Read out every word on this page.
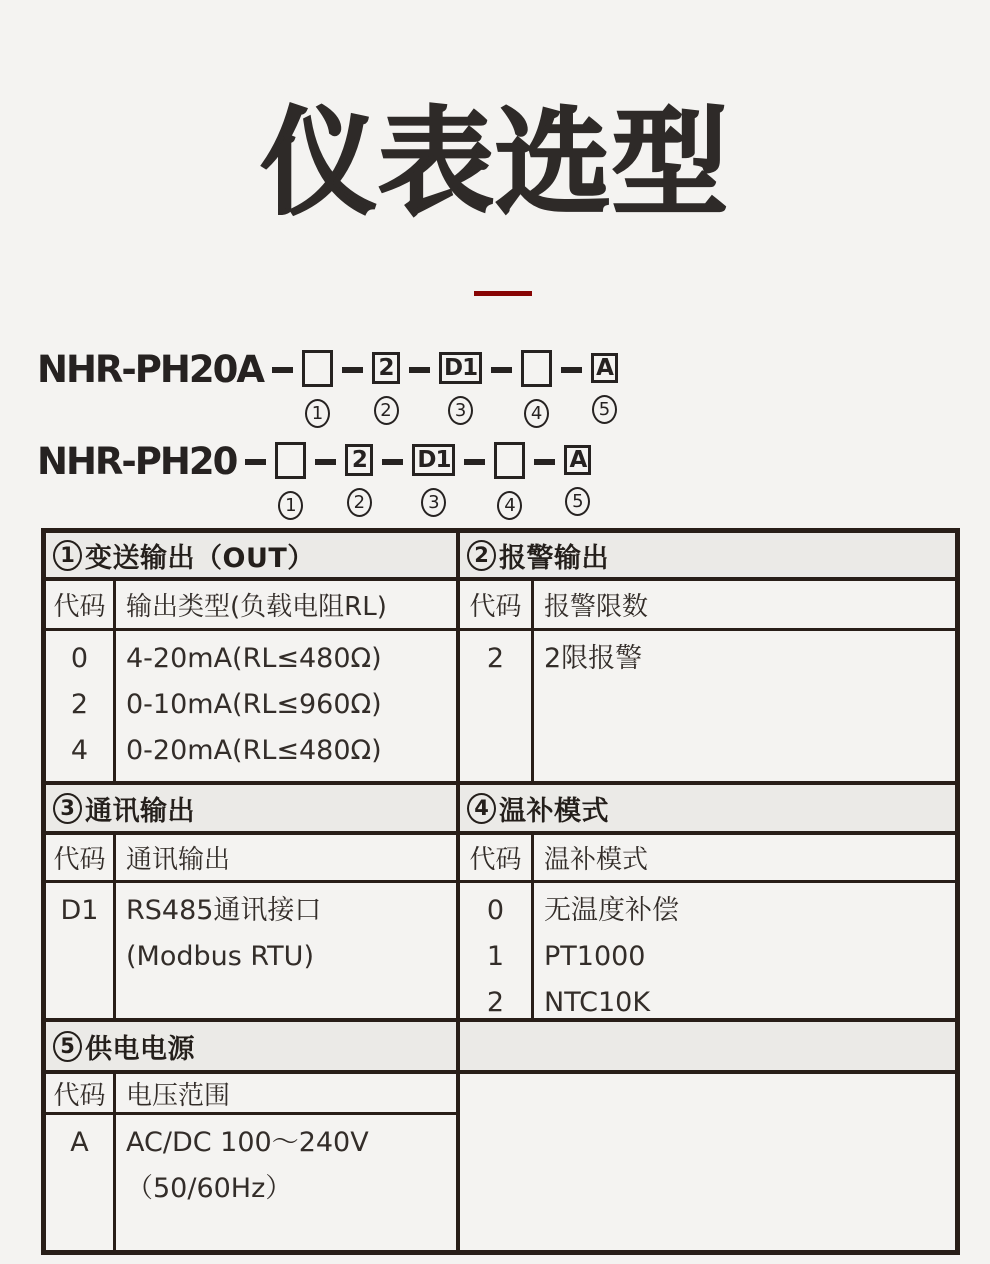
仪表选型
NHR-PH20A
1
2
2
D1
3	4
A
5
NHR-PH20
1
2
2
D1
3	4
A
5
1 变送输出（OUT）
代码 输出类型(负载电阻RL)
0
2
4
4-20mA(RL≤480Ω)
0-10mA(RL≤960Ω)
0-20mA(RL≤480Ω)
3 通讯输出
代码 通讯输出
D1 RS485通讯接口
(Modbus RTU)
5 供电电源
代码 电压范围
A AC/DC 100～240V
（50/60Hz）
2 报警输出
代码 报警限数
2 2限报警
4 温补模式
代码 温补模式
0
1
2
无温度补偿
PT1000
NTC10K
